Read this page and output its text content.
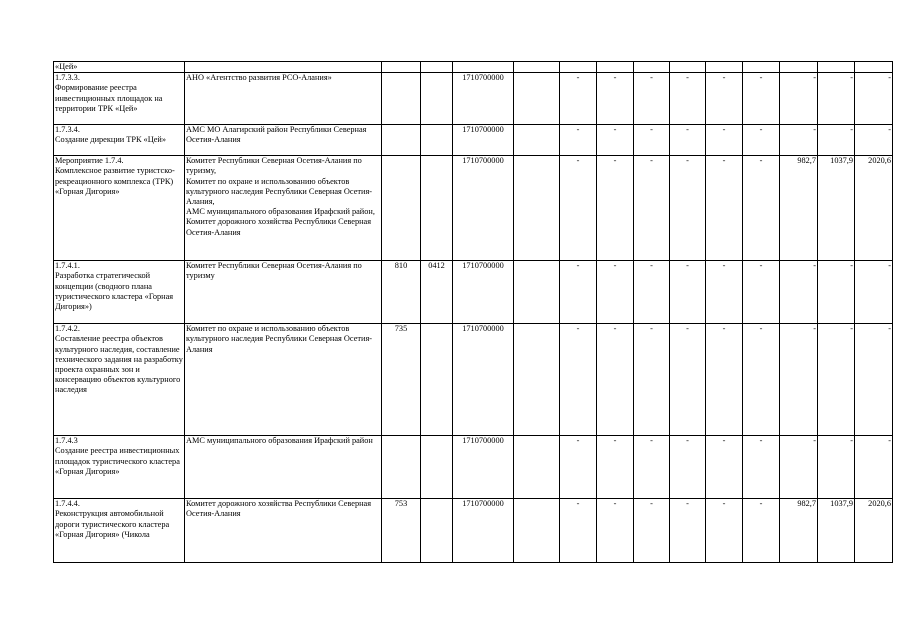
«Цей»														
1.7.3.3.
Формирование реестра инвестиционных площадок на территории ТРК «Цей»	АНО «Агентство развития РСО-Алания»			1710700000		-	-	-	-	-	-	-	-	-
1.7.3.4.
Создание дирекции ТРК «Цей»	АМС МО Алагирский район Республики Северная Осетия-Алания			1710700000		-	-	-	-	-	-	-	-	-
Мероприятие 1.7.4.
Комплексное развитие туристско-рекреационного комплекса (ТРК) «Горная Дигория»	Комитет Республики Северная Осетия-Алания по туризму,
Комитет по охране и использованию объектов культурного наследия Республики Северная Осетия-Алания,
АМС муниципального образования Ирафский район,
Комитет дорожного хозяйства Республики Северная Осетия-Алания			1710700000		-	-	-	-	-	-	982,7	1037,9	2020,6
1.7.4.1.
Разработка стратегической концепции (сводного плана туристического кластера «Горная Дигория»)	Комитет Республики Северная Осетия-Алания по туризму	810	0412	1710700000		-	-	-	-	-	-	-	-	-
1.7.4.2.
Составление реестра объектов культурного наследия, составление технического задания на разработку проекта охранных зон и консервацию объектов культурного наследия	Комитет по охране и использованию объектов культурного наследия Республики Северная Осетия-Алания	735		1710700000		-	-	-	-	-	-	-	-	-
1.7.4.3
Создание реестра инвестиционных площадок туристического кластера «Горная Дигория»	АМС муниципального образования Ирафский район			1710700000		-	-	-	-	-	-	-	-	-
1.7.4.4.
Реконструкция автомобильной дороги туристического кластера «Горная Дигория» (Чикола	Комитет дорожного хозяйства Республики Северная Осетия-Алания	753		1710700000		-	-	-	-	-	-	982,7	1037,9	2020,6
